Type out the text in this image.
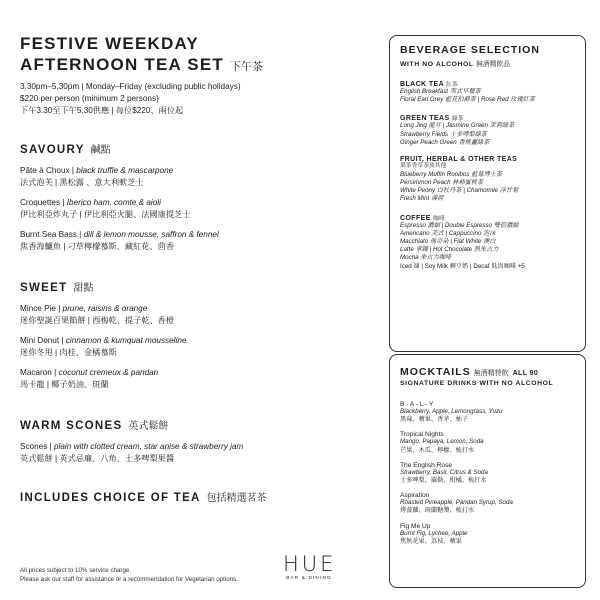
FESTIVE WEEKDAY
AFTERNOON TEA SET 下午茶
3.30pm–5.30pm | Monday–Friday (excluding public holidays)
$220 per person (minimum 2 persons)
下午3.30至下午5.30供應 | 每位$220、兩位起
SAVOURY 鹹點
Pâte à Choux | black truffle & mascarpone
法式泡芙 | 黑松露 、意大利軟芝士
Croquettes | Iberico ham, comte & aioli
伊比利亞炸丸子 | 伊比利亞火腿、法國康提芝士
Burnt Sea Bass | dill & lemon mousse, saffron & fennel
焦香海鱸魚 | 刁草檸檬慕斯、藏紅花、茴香
SWEET 甜點
Mince Pie | prune, raisins & orange
迷你聖誕百果餡餅 | 西梅乾、提子乾、香橙
Mini Donut | cinnamon & kumquat mousseline
迷你冬甩 | 肉桂、金橘慕斯
Macaron | coconut cremeux & pandan
馬卡龍 | 椰子奶油、斑蘭
WARM SCONES 英式鬆餅
Scones | plain with clotted cream, star anise & strawberry jam
英式鬆餅 | 英式忌廉、八角、士多啤梨果醬
INCLUDES CHOICE OF TEA 包括精選茗茶
All prices subject to 10% service charge.
Please ask our staff for assistance or a recommendation for Vegetarian options.
HUE
BAR & DINING
BEVERAGE SELECTION
WITH NO ALCOHOL 無酒精飲品
BLACK TEA 紅茶
English Breakfast 英式早餐茶
Floral Earl Grey 藍花伯爵茶 | Rose Red 玫瑰紅茶
GREEN TEAS 綠茶
Long Jing 龍井 | Jasmine Green 茉莉綠茶
Strawberry Fields 士多啤梨綠茶
Ginger Peach Green 香桃薑綠茶
FRUIT, HERBAL & OTHER TEAS
果茶香草茶及其他
Blueberry Muffin Rooibos 藍莓博士茶
Persimmon Peach 林柿蜜桃茶
White Peony 白牡丹茶 | Chamomile 洋甘菊
Fresh Mint 薄荷
COFFEE 咖啡
Espresso 濃縮 | Double Espresso 雙倍濃縮
Americano 美式 | Cappuccino 泡沫
Macchiato 瑪奇朵 | Flat White 澳白
Latte 拿鐵 | Hot Chocolate 熱朱古力
Mocha 朱古力咖啡
Iced 凍 | Soy Milk 轉豆奶 | Decaf 低因咖啡 +5
MOCKTAILS 無酒精特飲 ALL 90
SIGNATURE DRINKS WITH NO ALCOHOL
B - A - L - Y
Blackberry, Apple, Lemongrass, Yuzu
黑莓、蘋果、香茅、柚子
Tropical Nights
Mango, Papaya, Lemon, Soda
芒果、木瓜、檸檬、梳打水
The English Rose
Strawberry, Basil, Citrus & Soda
士多啤梨、羅勒、柑橘、梳打水
Aspiration
Roasted Pineapple, Pandan Syrup, Soda
烤菠蘿、斑蘭糖漿、梳打水
Fig Me Up
Burnt Fig, Lychee, Apple
焦無花果、荔枝、蘋果
